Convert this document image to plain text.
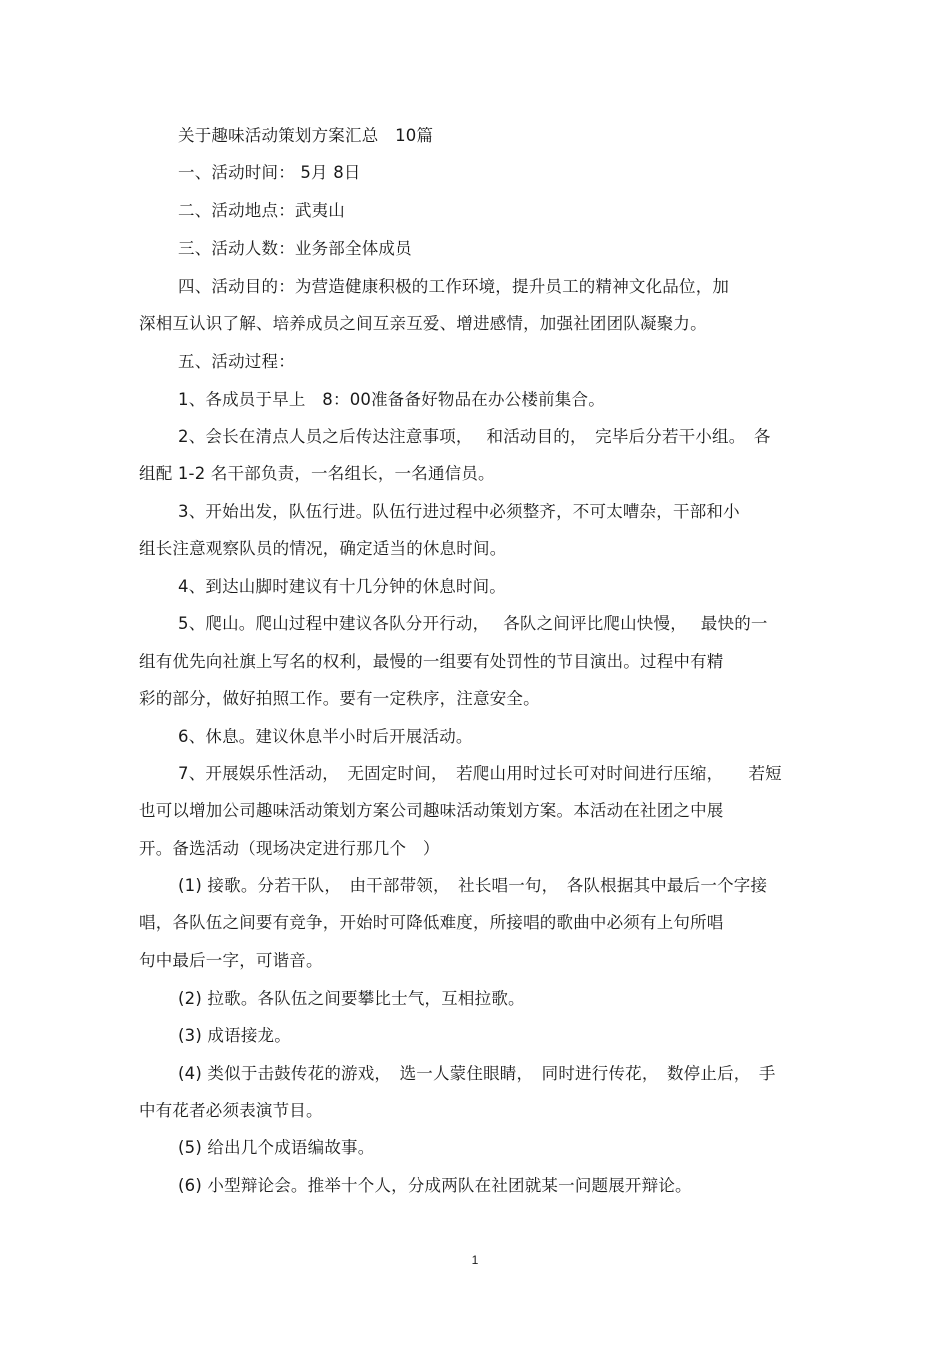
关于趣味活动策划方案汇总　10篇
一、活动时间： 5月 8日
二、活动地点：武夷山
三、活动人数：业务部全体成员
四、活动目的：为营造健康积极的工作环境，提升员工的精神文化品位，加
深相互认识了解、培养成员之间互亲互爱、增进感情，加强社团团队凝聚力。
五、活动过程：
1、各成员于早上　8：00准备备好物品在办公楼前集合。
2、会长在清点人员之后传达注意事项，　 和活动目的，　完毕后分若干小组。　各
组配 1-2 名干部负责，一名组长，一名通信员。
3、开始出发，队伍行进。队伍行进过程中必须整齐，不可太嘈杂，干部和小
组长注意观察队员的情况，确定适当的休息时间。
4、到达山脚时建议有十几分钟的休息时间。
5、爬山。爬山过程中建议各队分开行动，　 各队之间评比爬山快慢，　 最快的一
组有优先向社旗上写名的权利，最慢的一组要有处罚性的节目演出。过程中有精
彩的部分，做好拍照工作。要有一定秩序，注意安全。
6、休息。建议休息半小时后开展活动。
7、开展娱乐性活动，　无固定时间，　若爬山用时过长可对时间进行压缩，　　若短
也可以增加公司趣味活动策划方案公司趣味活动策划方案。本活动在社团之中展
开。备选活动（现场决定进行那几个　）
(1) 接歌。分若干队，　由干部带领，　社长唱一句，　各队根据其中最后一个字接
唱，各队伍之间要有竞争，开始时可降低难度，所接唱的歌曲中必须有上句所唱
句中最后一字，可谐音。
(2) 拉歌。各队伍之间要攀比士气，互相拉歌。
(3) 成语接龙。
(4) 类似于击鼓传花的游戏，　选一人蒙住眼睛，　同时进行传花，　数停止后，　手
中有花者必须表演节目。
(5) 给出几个成语编故事。
(6) 小型辩论会。推举十个人，分成两队在社团就某一问题展开辩论。
1
